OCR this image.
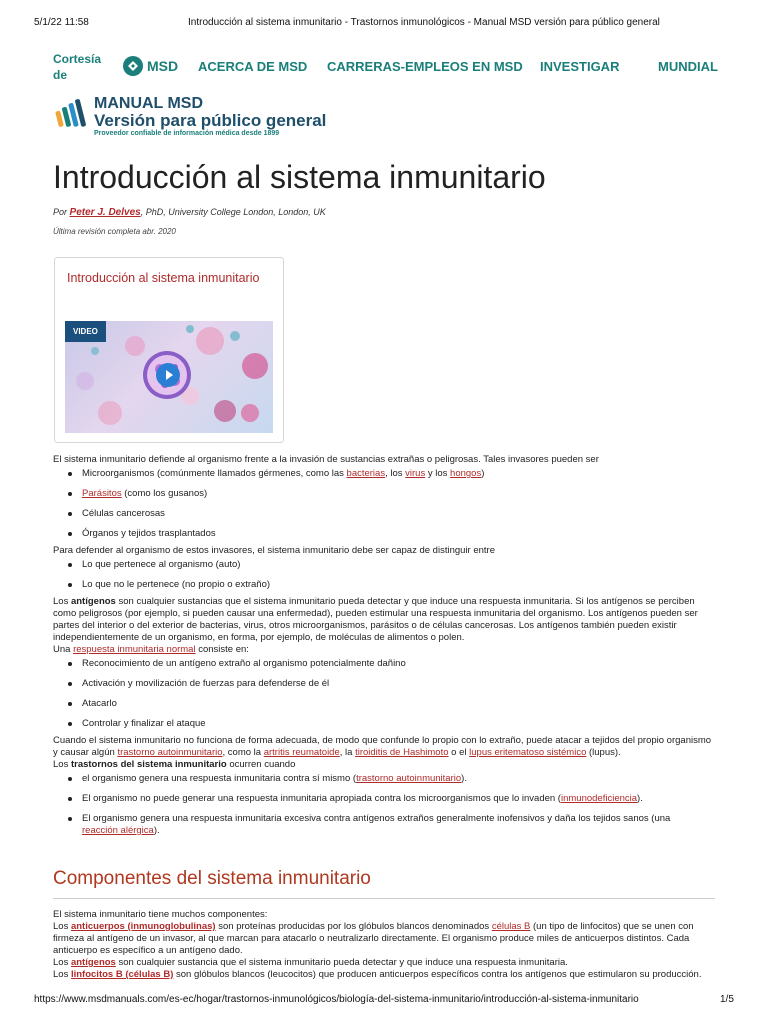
5/1/22 11:58	Introducción al sistema inmunitario - Trastornos inmunológicos - Manual MSD versión para público general
Cortesía
de
MSD ACERCA DE MSD CARRERAS-EMPLEOS EN MSD INVESTIGAR	MUNDIAL
MANUAL MSD
Versión para público general
Proveedor confiable de información médica desde 1899
Introducción al sistema inmunitario
Por Peter J. Delves, PhD, University College London, London, UK
Última revisión completa abr. 2020
Introducción al sistema inmunitario
VIDEO

El sistema inmunitario defiende al organismo frente a la invasión de sustancias extrañas o peligrosas. Tales invasores pueden ser

Microorganismos (comúnmente llamados gérmenes, como las bacterias, los virus y los hongos)
Parásitos (como los gusanos)
Células cancerosas
Órganos y tejidos trasplantados

Para defender al organismo de estos invasores, el sistema inmunitario debe ser capaz de distinguir entre

Lo que pertenece al organismo (auto)
Lo que no le pertenece (no propio o extraño)

Los antígenos son cualquier sustancias que el sistema inmunitario pueda detectar y que induce una respuesta inmunitaria. Si los antígenos se perciben como peligrosos (por ejemplo, si pueden causar una enfermedad), pueden estimular una respuesta inmunitaria del organismo. Los antígenos pueden ser partes del interior o del exterior de bacterias, virus, otros microorganismos, parásitos o de células cancerosas. Los antígenos también pueden existir independientemente de un organismo, en forma, por ejemplo, de moléculas de alimentos o polen.
Una respuesta inmunitaria normal consiste en:

Reconocimiento de un antígeno extraño al organismo potencialmente dañino
Activación y movilización de fuerzas para defenderse de él
Atacarlo
Controlar y finalizar el ataque

Cuando el sistema inmunitario no funciona de forma adecuada, de modo que confunde lo propio con lo extraño, puede atacar a tejidos del propio organismo y causar algún trastorno autoinmunitario, como la artritis reumatoide, la tiroiditis de Hashimoto o el lupus eritematoso sistémico (lupus).
Los trastornos del sistema inmunitario ocurren cuando

el organismo genera una respuesta inmunitaria contra sí mismo (trastorno autoinmunitario).
El organismo no puede generar una respuesta inmunitaria apropiada contra los microorganismos que lo invaden (inmunodeficiencia).
El organismo genera una respuesta inmunitaria excesiva contra antígenos extraños generalmente inofensivos y daña los tejidos sanos (una reacción alérgica).
Componentes del sistema inmunitario

El sistema inmunitario tiene muchos componentes:

Los anticuerpos (inmunoglobulinas) son proteínas producidas por los glóbulos blancos denominados células B (un tipo de linfocitos) que se unen con firmeza al antígeno de un invasor, al que marcan para atacarlo o neutralizarlo directamente. El organismo produce miles de anticuerpos distintos. Cada anticuerpo es específico a un antígeno dado.

Los antígenos son cualquier sustancia que el sistema inmunitario pueda detectar y que induce una respuesta inmunitaria.

Los linfocitos B (células B) son glóbulos blancos (leucocitos) que producen anticuerpos específicos contra los antígenos que estimularon su producción.

https://www.msdmanuals.com/es-ec/hogar/trastornos-inmunológicos/biología-del-sistema-inmunitario/introducción-al-sistema-inmunitario	1/5
